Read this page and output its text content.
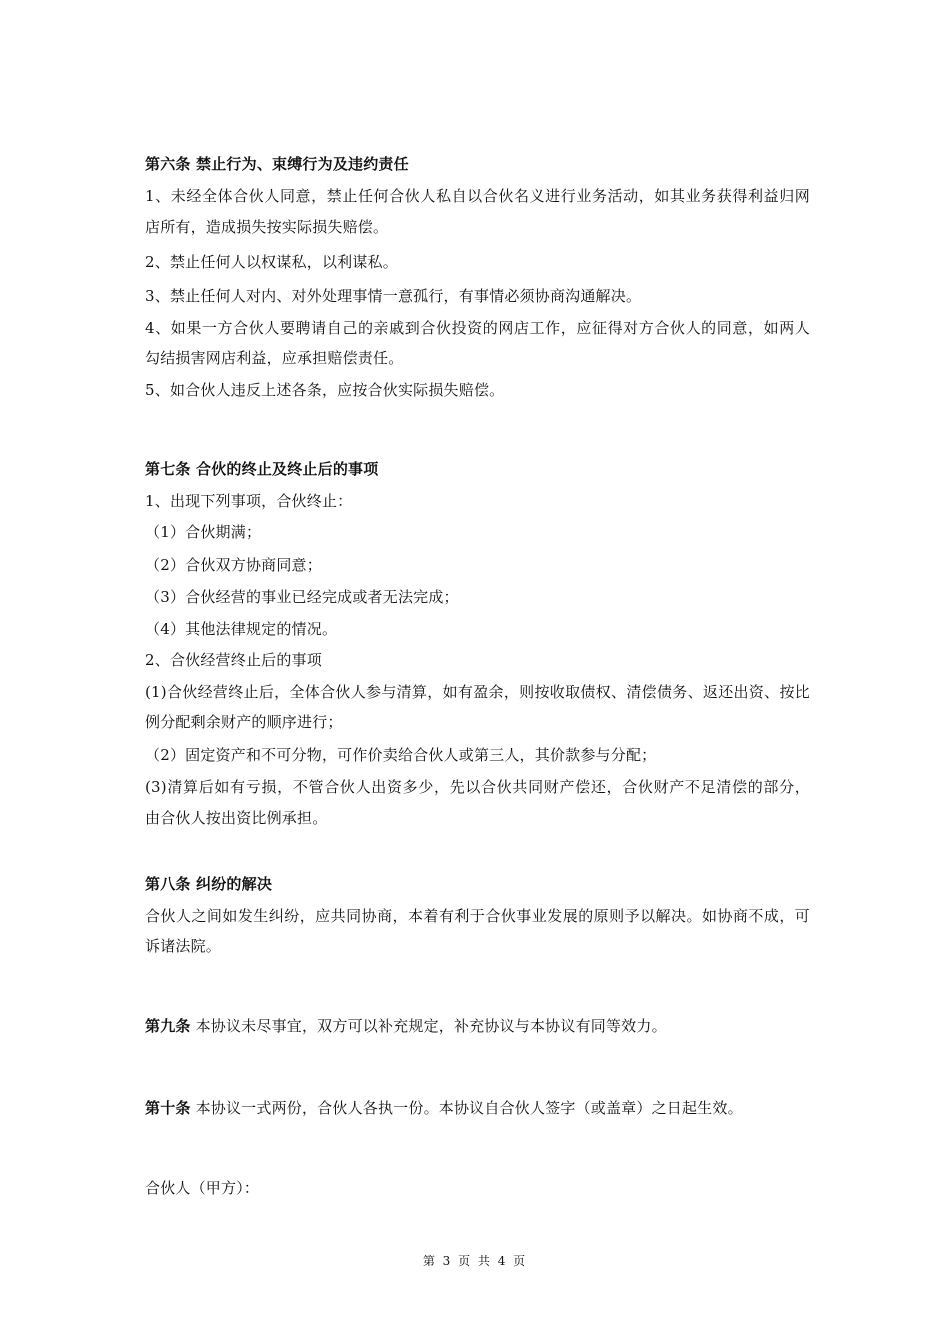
第六条 禁止行为、束缚行为及违约责任
1、未经全体合伙人同意，禁止任何合伙人私自以合伙名义进行业务活动，如其业务获得利益归网
店所有，造成损失按实际损失赔偿。
2、禁止任何人以权谋私，以利谋私。
3、禁止任何人对内、对外处理事情一意孤行，有事情必须协商沟通解决。
4、如果一方合伙人要聘请自己的亲戚到合伙投资的网店工作，应征得对方合伙人的同意，如两人
勾结损害网店利益，应承担赔偿责任。
5、如合伙人违反上述各条，应按合伙实际损失赔偿。
第七条 合伙的终止及终止后的事项
1、出现下列事项，合伙终止：
（1）合伙期满；
（2）合伙双方协商同意；
（3）合伙经营的事业已经完成或者无法完成；
（4）其他法律规定的情况。
2、合伙经营终止后的事项
(1)合伙经营终止后，全体合伙人参与清算，如有盈余，则按收取债权、清偿债务、返还出资、按比
例分配剩余财产的顺序进行；
（2）固定资产和不可分物，可作价卖给合伙人或第三人，其价款参与分配；
(3)清算后如有亏损，不管合伙人出资多少，先以合伙共同财产偿还，合伙财产不足清偿的部分，
由合伙人按出资比例承担。
第八条 纠纷的解决
合伙人之间如发生纠纷，应共同协商，本着有利于合伙事业发展的原则予以解决。如协商不成，可
诉诸法院。
第九条 本协议未尽事宜，双方可以补充规定，补充协议与本协议有同等效力。
第十条 本协议一式两份，合伙人各执一份。本协议自合伙人签字（或盖章）之日起生效。
合伙人（甲方）：
第 3 页 共 4 页
